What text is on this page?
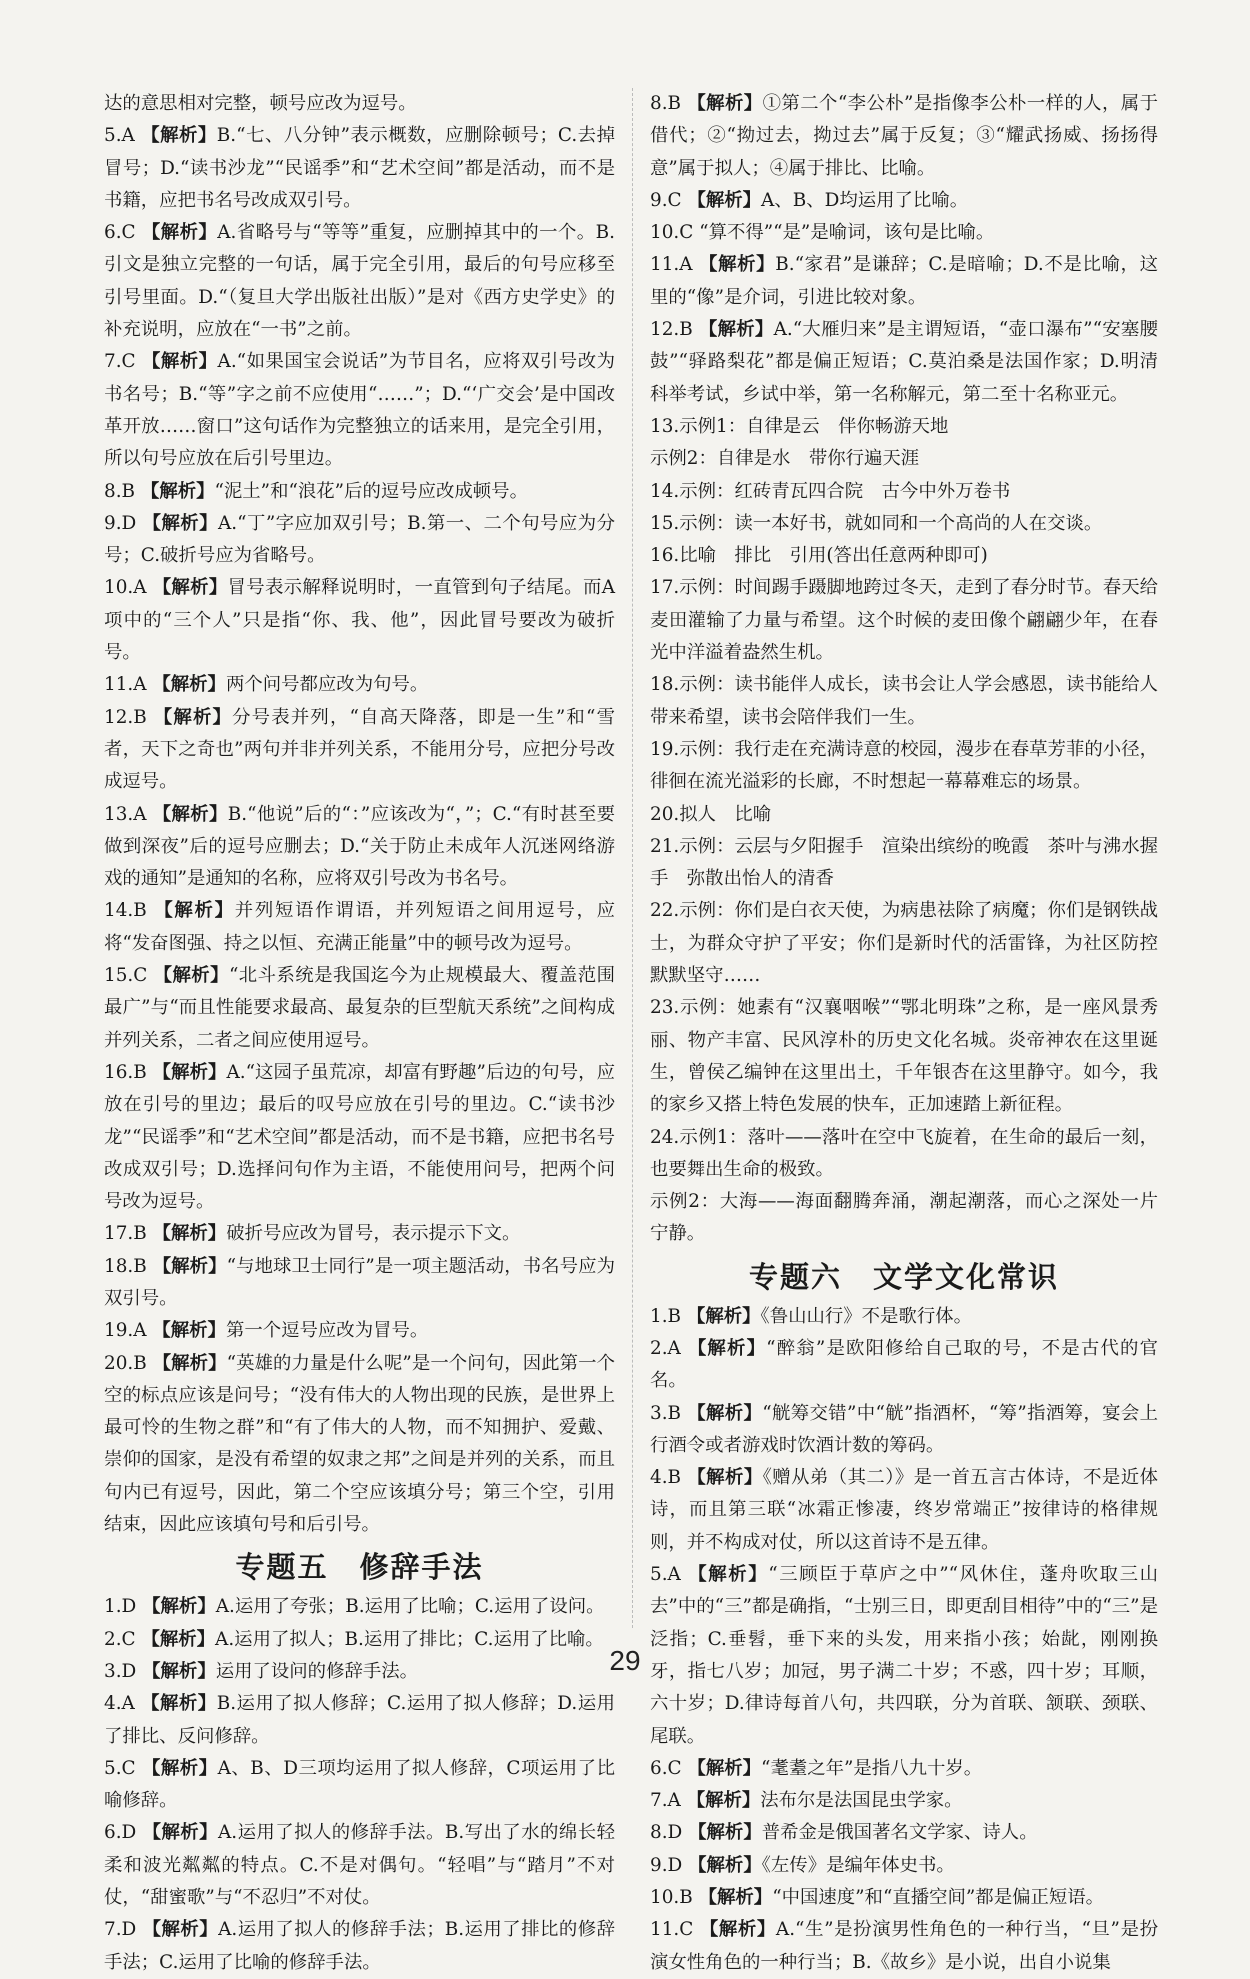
达的意思相对完整，顿号应改为逗号。

5.A 【解析】B.“七、八分钟”表示概数，应删除顿号；C.去掉冒号；D.“读书沙龙”“民谣季”和“艺术空间”都是活动，而不是书籍，应把书名号改成双引号。

6.C 【解析】A.省略号与“等等”重复，应删掉其中的一个。B.引文是独立完整的一句话，属于完全引用，最后的句号应移至引号里面。D.“（复旦大学出版社出版）”是对《西方史学史》的补充说明，应放在“一书”之前。

7.C 【解析】A.“如果国宝会说话”为节目名，应将双引号改为书名号；B.“等”字之前不应使用“……”；D.“‘广交会’是中国改革开放……窗口”这句话作为完整独立的话来用，是完全引用，所以句号应放在后引号里边。

8.B 【解析】“泥土”和“浪花”后的逗号应改成顿号。

9.D 【解析】A.“丁”字应加双引号；B.第一、二个句号应为分号；C.破折号应为省略号。

10.A 【解析】冒号表示解释说明时，一直管到句子结尾。而A项中的“三个人”只是指“你、我、他”，因此冒号要改为破折号。

11.A 【解析】两个问号都应改为句号。

12.B 【解析】分号表并列，“自高天降落，即是一生”和“雪者，天下之奇也”两句并非并列关系，不能用分号，应把分号改成逗号。

13.A 【解析】B.“他说”后的“：”应该改为“，”；C.“有时甚至要做到深夜”后的逗号应删去；D.“关于防止未成年人沉迷网络游戏的通知”是通知的名称，应将双引号改为书名号。

14.B 【解析】并列短语作谓语，并列短语之间用逗号，应将“发奋图强、持之以恒、充满正能量”中的顿号改为逗号。

15.C 【解析】“北斗系统是我国迄今为止规模最大、覆盖范围最广”与“而且性能要求最高、最复杂的巨型航天系统”之间构成并列关系，二者之间应使用逗号。

16.B 【解析】A.“这园子虽荒凉，却富有野趣”后边的句号，应放在引号的里边；最后的叹号应放在引号的里边。C.“读书沙龙”“民谣季”和“艺术空间”都是活动，而不是书籍，应把书名号改成双引号；D.选择问句作为主语，不能使用问号，把两个问号改为逗号。

17.B 【解析】破折号应改为冒号，表示提示下文。

18.B 【解析】“与地球卫士同行”是一项主题活动，书名号应为双引号。

19.A 【解析】第一个逗号应改为冒号。

20.B 【解析】“英雄的力量是什么呢”是一个问句，因此第一个空的标点应该是问号；“没有伟大的人物出现的民族，是世界上最可怜的生物之群”和“有了伟大的人物，而不知拥护、爱戴、崇仰的国家，是没有希望的奴隶之邦”之间是并列的关系，而且句内已有逗号，因此，第二个空应该填分号；第三个空，引用结束，因此应该填句号和后引号。

专题五　修辞手法

1.D 【解析】A.运用了夸张；B.运用了比喻；C.运用了设问。

2.C 【解析】A.运用了拟人；B.运用了排比；C.运用了比喻。

3.D 【解析】运用了设问的修辞手法。

4.A 【解析】B.运用了拟人修辞；C.运用了拟人修辞；D.运用了排比、反问修辞。

5.C 【解析】A、B、D三项均运用了拟人修辞，C项运用了比喻修辞。

6.D 【解析】A.运用了拟人的修辞手法。B.写出了水的绵长轻柔和波光粼粼的特点。C.不是对偶句。“轻唱”与“踏月”不对仗，“甜蜜歌”与“不忍归”不对仗。

7.D 【解析】A.运用了拟人的修辞手法；B.运用了排比的修辞手法；C.运用了比喻的修辞手法。

8.B 【解析】①第二个“李公朴”是指像李公朴一样的人，属于借代；②“拗过去，拗过去”属于反复；③“耀武扬威、扬扬得意”属于拟人；④属于排比、比喻。

9.C 【解析】A、B、D均运用了比喻。

10.C “算不得”“是”是喻词，该句是比喻。

11.A 【解析】B.“家君”是谦辞；C.是暗喻；D.不是比喻，这里的“像”是介词，引进比较对象。

12.B 【解析】A.“大雁归来”是主谓短语，“壶口瀑布”“安塞腰鼓”“驿路梨花”都是偏正短语；C.莫泊桑是法国作家；D.明清科举考试，乡试中举，第一名称解元，第二至十名称亚元。

13.示例1：自律是云　伴你畅游天地

示例2：自律是水　带你行遍天涯

14.示例：红砖青瓦四合院　古今中外万卷书

15.示例：读一本好书，就如同和一个高尚的人在交谈。

16.比喻　排比　引用(答出任意两种即可)

17.示例：时间踢手蹑脚地跨过冬天，走到了春分时节。春天给麦田灌输了力量与希望。这个时候的麦田像个翩翩少年，在春光中洋溢着盎然生机。

18.示例：读书能伴人成长，读书会让人学会感恩，读书能给人带来希望，读书会陪伴我们一生。

19.示例：我行走在充满诗意的校园，漫步在春草芳菲的小径，徘徊在流光溢彩的长廊，不时想起一幕幕难忘的场景。

20.拟人　比喻

21.示例：云层与夕阳握手　渲染出缤纷的晚霞　茶叶与沸水握手　弥散出怡人的清香

22.示例：你们是白衣天使，为病患祛除了病魔；你们是钢铁战士，为群众守护了平安；你们是新时代的活雷锋，为社区防控默默坚守……

23.示例：她素有“汉襄咽喉”“鄂北明珠”之称，是一座风景秀丽、物产丰富、民风淳朴的历史文化名城。炎帝神农在这里诞生，曾侯乙编钟在这里出土，千年银杏在这里静守。如今，我的家乡又搭上特色发展的快车，正加速踏上新征程。

24.示例1：落叶——落叶在空中飞旋着，在生命的最后一刻，也要舞出生命的极致。

示例2：大海——海面翻腾奔涌，潮起潮落，而心之深处一片宁静。

专题六　文学文化常识

1.B 【解析】《鲁山山行》不是歌行体。

2.A 【解析】“醉翁”是欧阳修给自己取的号，不是古代的官名。

3.B 【解析】“觥筹交错”中“觥”指酒杯，“筹”指酒筹，宴会上行酒令或者游戏时饮酒计数的筹码。

4.B 【解析】《赠从弟（其二）》是一首五言古体诗，不是近体诗，而且第三联“冰霜正惨凄，终岁常端正”按律诗的格律规则，并不构成对仗，所以这首诗不是五律。

5.A 【解析】“三顾臣于草庐之中”“风休住，蓬舟吹取三山去”中的“三”都是确指，“士别三日，即更刮目相待”中的“三”是泛指；C.垂髫，垂下来的头发，用来指小孩；始龀，刚刚换牙，指七八岁；加冠，男子满二十岁；不惑，四十岁；耳顺，六十岁；D.律诗每首八句，共四联，分为首联、颔联、颈联、尾联。

6.C 【解析】“耄耋之年”是指八九十岁。

7.A 【解析】法布尔是法国昆虫学家。

8.D 【解析】普希金是俄国著名文学家、诗人。

9.D 【解析】《左传》是编年体史书。

10.B 【解析】“中国速度”和“直播空间”都是偏正短语。

11.C 【解析】A.“生”是扮演男性角色的一种行当，“旦”是扮演女性角色的一种行当；B.《故乡》是小说，出自小说集

29
